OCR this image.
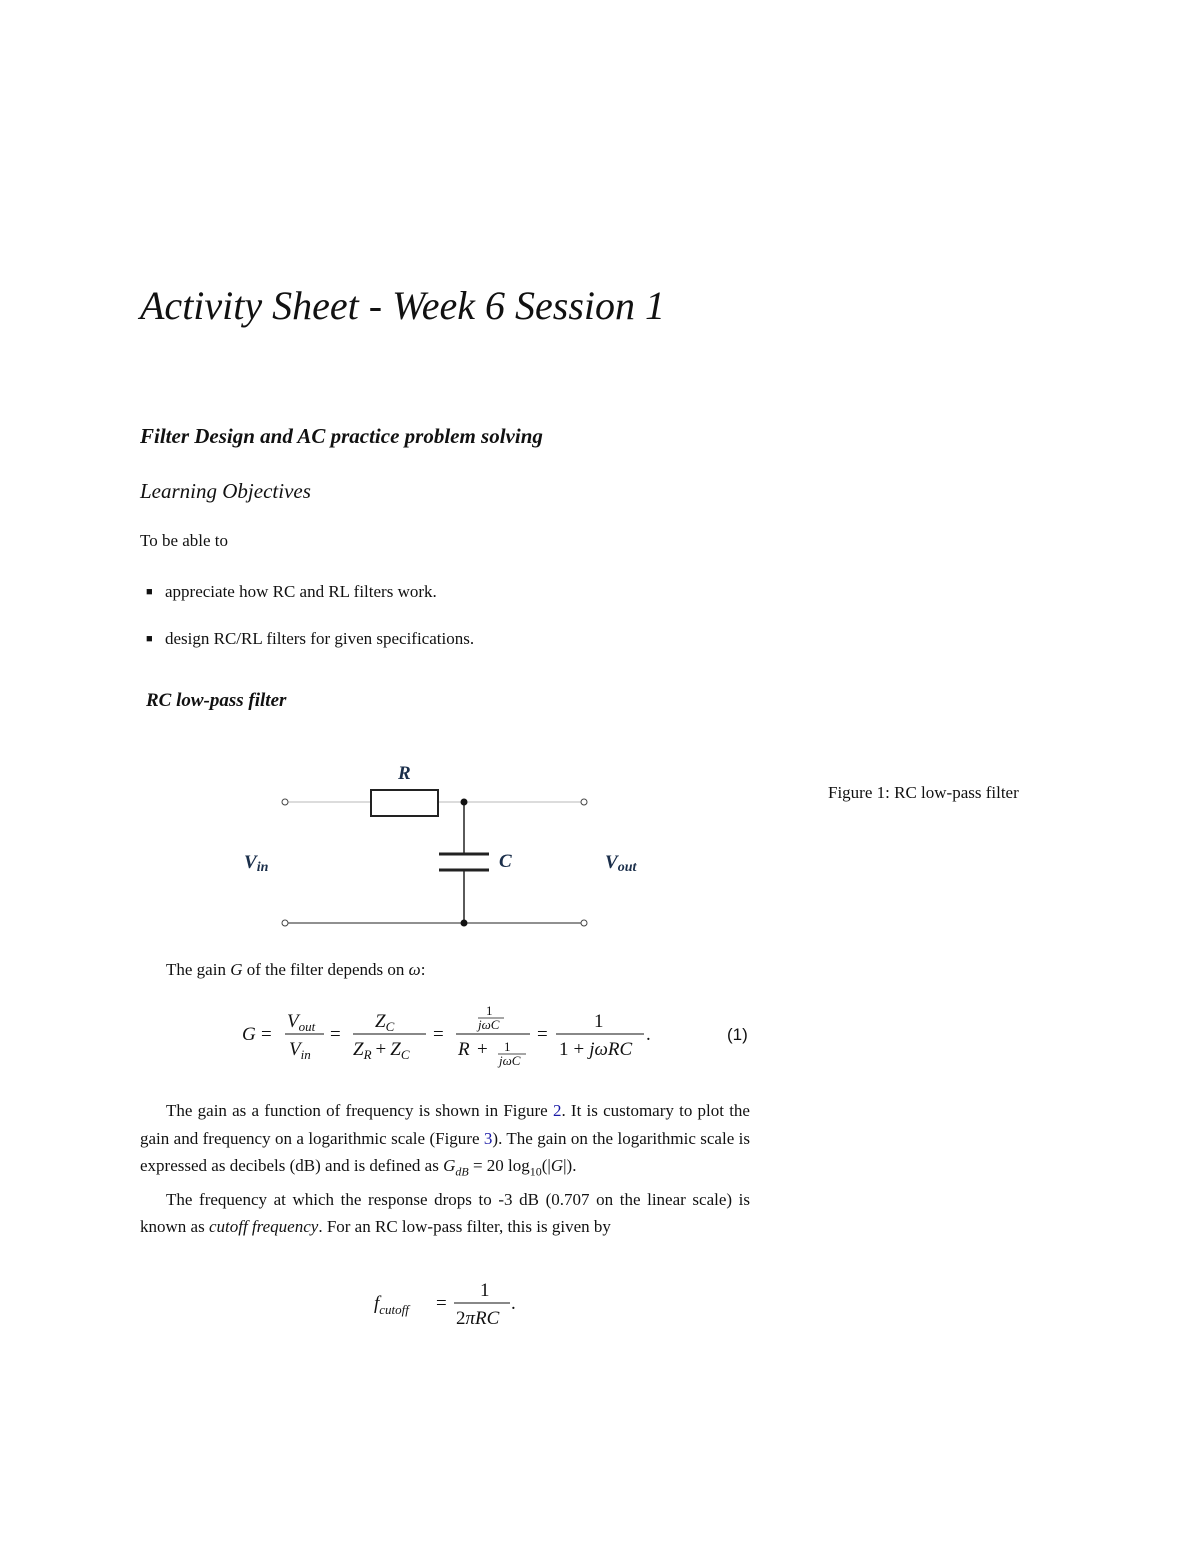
Activity Sheet - Week 6 Session 1
Filter Design and AC practice problem solving
Learning Objectives
To be able to
■ appreciate how RC and RL filters work.
■ design RC/RL filters for given specifications.
RC low-pass filter
R
C
Vin	Vout
Figure 1: RC low-pass filter
The gain G of the filter depends on ω:
G =
$V_{out}$
$V_{in}$
=
$Z_C$
$Z_R + Z_C$
=
1
jωC
R + 1
jωC
=
1
1 + jωRC
.	(1)

The gain as a function of frequency is shown in Figure 2. It is customary to plot the gain and frequency on a logarithmic scale (Figure 3). The gain on the logarithmic scale is expressed as decibels (dB) and is defined as $G_{dB} = 20$ $\log_{10}(|G|)$.

The frequency at which the response drops to -3 dB (0.707 on the linear scale) is known as cutoff frequency. For an RC low-pass filter, this is given by

$f_{cutoff}$ =
1
2πRC
.
